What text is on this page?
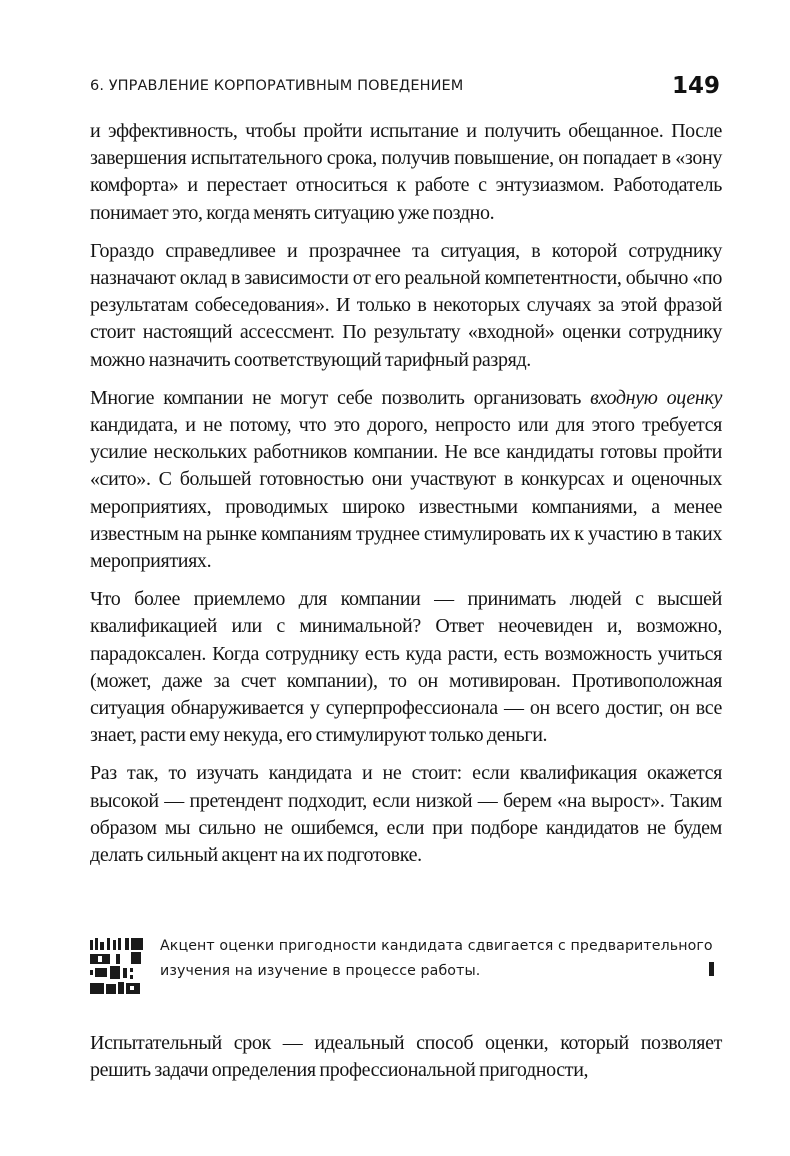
6. УПРАВЛЕНИЕ КОРПОРАТИВНЫМ ПОВЕДЕНИЕМ	149

и эффективность, чтобы пройти испытание и получить обещанное. После завершения испытательного срока, получив повышение, он попадает в «зону комфорта» и перестает относиться к работе с энтузиазмом. Работодатель понимает это, когда менять ситуацию уже поздно.

Гораздо справедливее и прозрачнее та ситуация, в которой сотруднику назначают оклад в зависимости от его реальной компетентности, обычно «по результатам собеседования». И только в некоторых случаях за этой фразой стоит настоящий ассессмент. По результату «входной» оценки сотруднику можно назначить соответствующий тарифный разряд.

Многие компании не могут себе позволить организовать входную оценку кандидата, и не потому, что это дорого, непросто или для этого требуется усилие нескольких работников компании. Не все кандидаты готовы пройти «сито». С большей готовностью они участвуют в конкурсах и оценочных мероприятиях, проводимых широко известными компаниями, а менее известным на рынке компаниям труднее стимулировать их к участию в таких мероприятиях.

Что более приемлемо для компании — принимать людей с высшей квалификацией или с минимальной? Ответ неочевиден и, возможно, парадоксален. Когда сотруднику есть куда расти, есть возможность учиться (может, даже за счет компании), то он мотивирован. Противоположная ситуация обнаруживается у суперпрофессионала — он всего достиг, он все знает, расти ему некуда, его стимулируют только деньги.

Раз так, то изучать кандидата и не стоит: если квалификация окажется высокой — претендент подходит, если низкой — берем «на вырост». Таким образом мы сильно не ошибемся, если при подборе кандидатов не будем делать сильный акцент на их подготовке.

Акцент оценки пригодности кандидата сдвигается с предварительного изучения на изучение в процессе работы.

Испытательный срок — идеальный способ оценки, который позволяет решить задачи определения профессиональной пригодности,
